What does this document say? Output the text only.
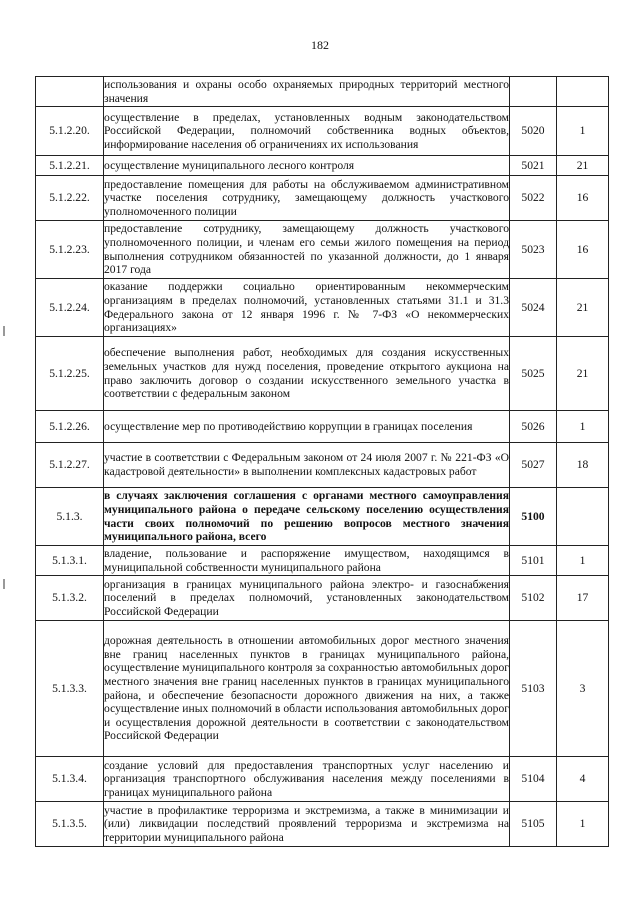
182
	использования и охраны особо охраняемых природных территорий местного значения		
5.1.2.20.	осуществление в пределах, установленных водным законодательством Российской Федерации, полномочий собственника водных объектов, информирование населения об ограничениях их использования	5020	1
5.1.2.21.	осуществление муниципального лесного контроля	5021	21
5.1.2.22.	предоставление помещения для работы на обслуживаемом административном участке поселения сотруднику, замещающему должность участкового уполномоченного полиции	5022	16
5.1.2.23.	предоставление сотруднику, замещающему должность участкового уполномоченного полиции, и членам его семьи жилого помещения на период выполнения сотрудником обязанностей по указанной должности, до 1 января 2017 года	5023	16
5.1.2.24.	оказание поддержки социально ориентированным некоммерческим организациям в пределах полномочий, установленных статьями 31.1 и 31.3 Федерального закона от 12 января 1996 г. № 7-ФЗ «О некоммерческих организациях»	5024	21
5.1.2.25.	обеспечение выполнения работ, необходимых для создания искусственных земельных участков для нужд поселения, проведение открытого аукциона на право заключить договор о создании искусственного земельного участка в соответствии с федеральным законом	5025	21
5.1.2.26.	осуществление мер по противодействию коррупции в границах поселения	5026	1
5.1.2.27.	участие в соответствии с Федеральным законом от 24 июля 2007 г. № 221-ФЗ «О кадастровой деятельности» в выполнении комплексных кадастровых работ	5027	18
5.1.3.	в случаях заключения соглашения с органами местного самоуправления муниципального района о передаче сельскому поселению осуществления части своих полномочий по решению вопросов местного значения муниципального района, всего	5100	
5.1.3.1.	владение, пользование и распоряжение имуществом, находящимся в муниципальной собственности муниципального района	5101	1
5.1.3.2.	организация в границах муниципального района электро- и газоснабжения поселений в пределах полномочий, установленных законодательством Российской Федерации	5102	17
5.1.3.3.	дорожная деятельность в отношении автомобильных дорог местного значения вне границ населенных пунктов в границах муниципального района, осуществление муниципального контроля за сохранностью автомобильных дорог местного значения вне границ населенных пунктов в границах муниципального района, и обеспечение безопасности дорожного движения на них, а также осуществление иных полномочий в области использования автомобильных дорог и осуществления дорожной деятельности в соответствии с законодательством Российской Федерации	5103	3
5.1.3.4.	создание условий для предоставления транспортных услуг населению и организация транспортного обслуживания населения между поселениями в границах муниципального района	5104	4
5.1.3.5.	участие в профилактике терроризма и экстремизма, а также в минимизации и (или) ликвидации последствий проявлений терроризма и экстремизма на территории муниципального района	5105	1
